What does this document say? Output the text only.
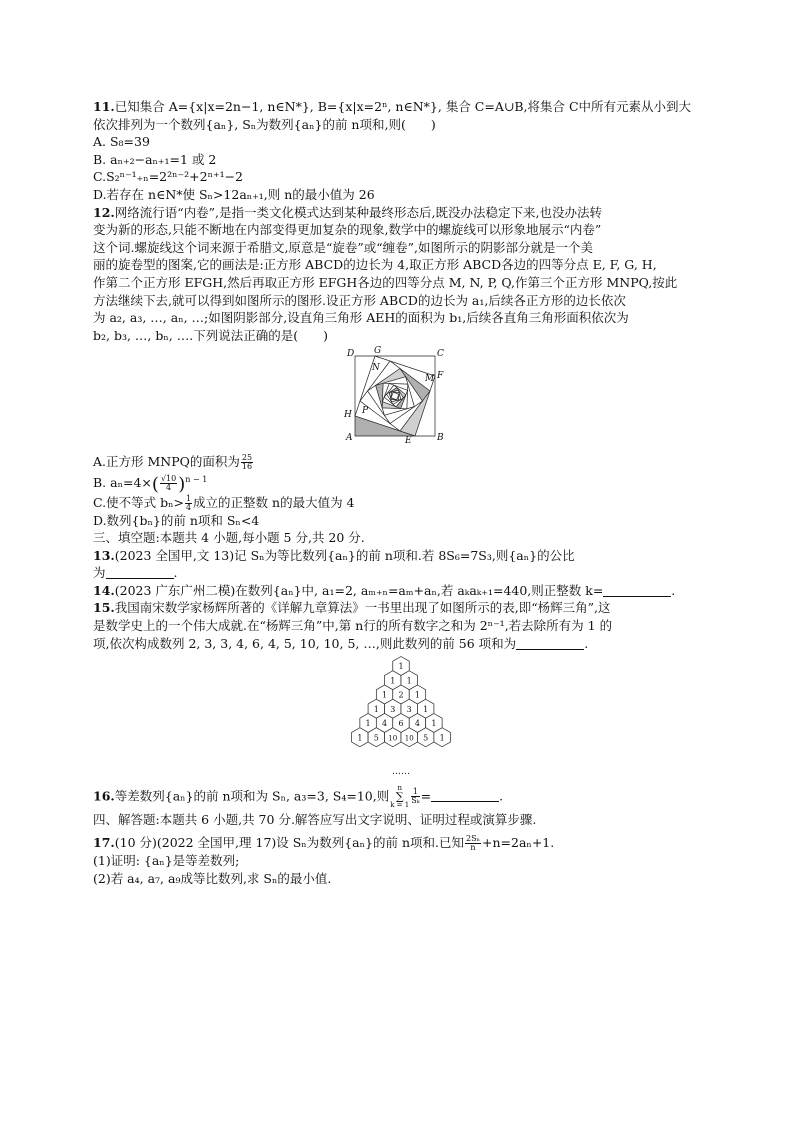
11.已知集合 A={x|x=2n−1, n∈N*}, B={x|x=2ⁿ, n∈N*}, 集合 C=A∪B,将集合 C中所有元素从小到大
依次排列为一个数列{aₙ}, Sₙ为数列{aₙ}的前 n项和,则(　　)
A. S₈=39
B. aₙ₊₂−aₙ₊₁=1 或 2
C.S₂ⁿ⁻¹₊ₙ=2²ⁿ⁻²+2ⁿ⁺¹−2
D.若存在 n∈N*使 Sₙ>12aₙ₊₁,则 n的最小值为 26
12.网络流行语“内卷”,是指一类文化模式达到某种最终形态后,既没办法稳定下来,也没办法转
变为新的形态,只能不断地在内部变得更加复杂的现象,数学中的螺旋线可以形象地展示“内卷”
这个词.螺旋线这个词来源于希腊文,原意是“旋卷”或“缠卷”,如图所示的阴影部分就是一个美
丽的旋卷型的图案,它的画法是:正方形 ABCD的边长为 4,取正方形 ABCD各边的四等分点 E, F, G, H,
作第二个正方形 EFGH,然后再取正方形 EFGH各边的四等分点 M, N, P, Q,作第三个正方形 MNPQ,按此
方法继续下去,就可以得到如图所示的图形.设正方形 ABCD的边长为 a₁,后续各正方形的边长依次
为 a₂, a₃, …, aₙ, …;如图阴影部分,设直角三角形 AEH的面积为 b₁,后续各直角三角形面积依次为
b₂, b₃, …, bₙ, ….下列说法正确的是(　　)
D G	C
F
M
N
H P
A	E	B
A.正方形 MNPQ的面积为 $\frac{25}{16}$
B. $a_n=4\times( \frac{√10}{4} )^{n - 1}$
C.使不等式 $b_n> \frac{1}{4}$ 成立的正整数 n的最大值为 4
D.数列{bₙ}的前 n项和 Sₙ<4
三、填空题:本题共 4 小题,每小题 5 分,共 20 分.
13.(2023 全国甲,文 13)记 Sₙ为等比数列{aₙ}的前 n项和.若 8S₆=7S₃,则{aₙ}的公比
为	.
14.(2023 广东广州二模)在数列{aₙ}中, a₁=2, aₘ₊ₙ=aₘ+aₙ,若 aₖaₖ₊₁=440,则正整数 k=	.
15.我国南宋数学家杨辉所著的《详解九章算法》一书里出现了如图所示的表,即“杨辉三角”,这
是数学史上的一个伟大成就.在“杨辉三角”中,第 n行的所有数字之和为 2ⁿ⁻¹,若去除所有为 1 的
项,依次构成数列 2, 3, 3, 4, 6, 4, 5, 10, 10, 5, …,则此数列的前 56 项和为	.
1
1 1
1 2 1
1 3 3 1
1 4 6 4 1
1 5 10 10 5 1
……
16.等差数列{aₙ}的前 n项和为 Sₙ, a₃=3, S₄=10,则
n
∑
$k = 1 \frac{1}{\text{Sₖ}}$ =	.
四、解答题:本题共 6 小题,共 70 分.解答应写出文字说明、证明过程或演算步骤.
17.(10 分)(2022 全国甲,理 17)设 Sₙ为数列{aₙ}的前 n项和.已知 $\frac{\text{2Sₙ}}{n} +n=2a_n+1$.
(1)证明: {aₙ}是等差数列;
(2)若 a₄, a₇, a₉成等比数列,求 Sₙ的最小值.
